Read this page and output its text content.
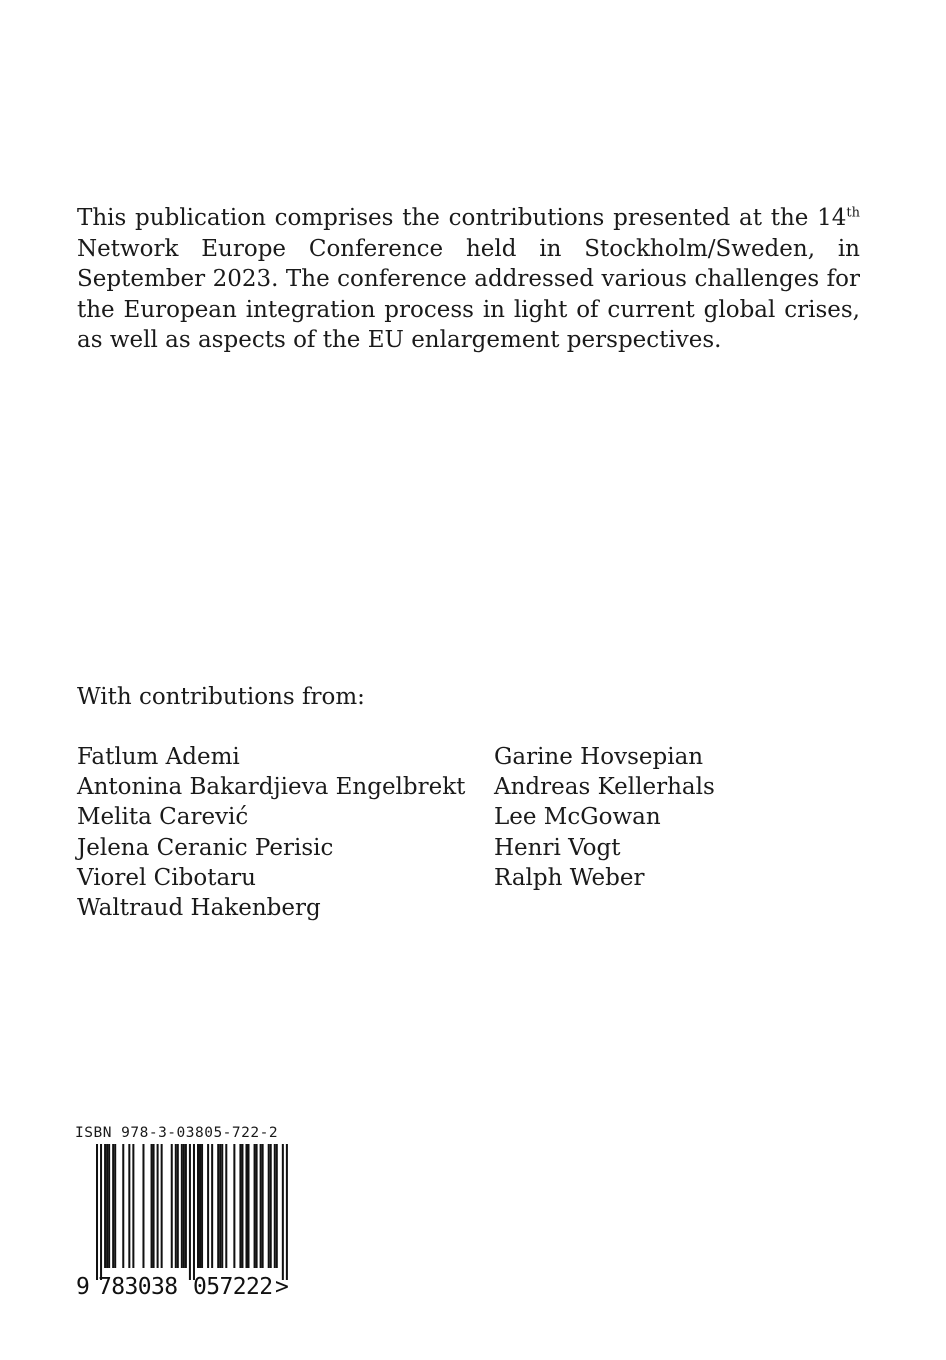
This publication comprises the contributions presented at the 14th Network Europe Conference held in Stockholm/Sweden, in September 2023. The conference addressed various challenges for the European integration process in light of current global crises, as well as aspects of the EU enlargement perspectives.

With contributions from:
Fatlum Ademi
Antonina Bakardjieva Engelbrekt
Melita Carević
Jelena Ceranic Perisic
Viorel Cibotaru
Waltraud Hakenberg
Garine Hovsepian
Andreas Kellerhals
Lee McGowan
Henri Vogt
Ralph Weber
ISBN 978-3-03805-722-2
9 783038 057222 >
